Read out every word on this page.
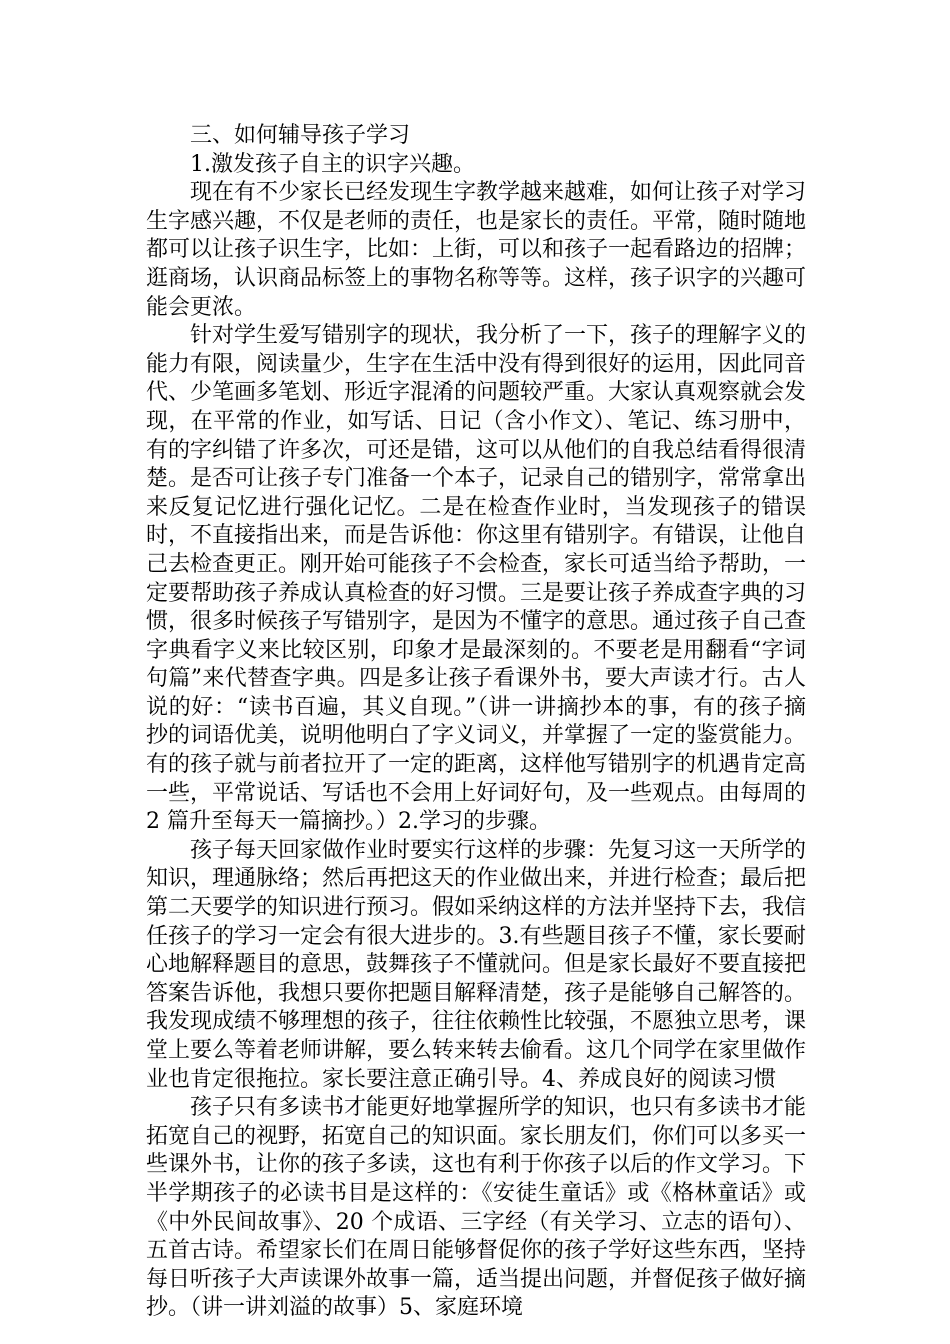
三、如何辅导孩子学习

1.激发孩子自主的识字兴趣。

现在有不少家长已经发现生字教学越来越难，如何让孩子对学习生字感兴趣，不仅是老师的责任，也是家长的责任。平常，随时随地都可以让孩子识生字，比如：上街，可以和孩子一起看路边的招牌；逛商场，认识商品标签上的事物名称等等。这样，孩子识字的兴趣可能会更浓。

针对学生爱写错别字的现状，我分析了一下，孩子的理解字义的能力有限，阅读量少，生字在生活中没有得到很好的运用，因此同音代、少笔画多笔划、形近字混淆的问题较严重。大家认真观察就会发现，在平常的作业，如写话、日记（含小作文）、笔记、练习册中，有的字纠错了许多次，可还是错，这可以从他们的自我总结看得很清楚。是否可让孩子专门准备一个本子，记录自己的错别字，常常拿出来反复记忆进行强化记忆。二是在检查作业时，当发现孩子的错误时，不直接指出来，而是告诉他：你这里有错别字。有错误，让他自己去检查更正。刚开始可能孩子不会检查，家长可适当给予帮助，一定要帮助孩子养成认真检查的好习惯。三是要让孩子养成查字典的习惯，很多时候孩子写错别字，是因为不懂字的意思。通过孩子自己查字典看字义来比较区别，印象才是最深刻的。不要老是用翻看“字词句篇”来代替查字典。四是多让孩子看课外书，要大声读才行。古人说的好：“读书百遍，其义自现。”（讲一讲摘抄本的事，有的孩子摘抄的词语优美，说明他明白了字义词义，并掌握了一定的鉴赏能力。有的孩子就与前者拉开了一定的距离，这样他写错别字的机遇肯定高一些，平常说话、写话也不会用上好词好句，及一些观点。由每周的 2 篇升至每天一篇摘抄。）2.学习的步骤。

孩子每天回家做作业时要实行这样的步骤：先复习这一天所学的知识，理通脉络；然后再把这天的作业做出来，并进行检查；最后把第二天要学的知识进行预习。假如采纳这样的方法并坚持下去，我信任孩子的学习一定会有很大进步的。3.有些题目孩子不懂，家长要耐心地解释题目的意思，鼓舞孩子不懂就问。但是家长最好不要直接把答案告诉他，我想只要你把题目解释清楚，孩子是能够自己解答的。我发现成绩不够理想的孩子，往往依赖性比较强，不愿独立思考，课堂上要么等着老师讲解，要么转来转去偷看。这几个同学在家里做作业也肯定很拖拉。家长要注意正确引导。4、养成良好的阅读习惯

孩子只有多读书才能更好地掌握所学的知识，也只有多读书才能拓宽自己的视野，拓宽自己的知识面。家长朋友们，你们可以多买一些课外书，让你的孩子多读，这也有利于你孩子以后的作文学习。下半学期孩子的必读书目是这样的：《安徒生童话》或《格林童话》或《中外民间故事》、20 个成语、三字经（有关学习、立志的语句）、五首古诗。希望家长们在周日能够督促你的孩子学好这些东西，坚持每日听孩子大声读课外故事一篇，适当提出问题，并督促孩子做好摘抄。（讲一讲刘溢的故事）5、家庭环境
